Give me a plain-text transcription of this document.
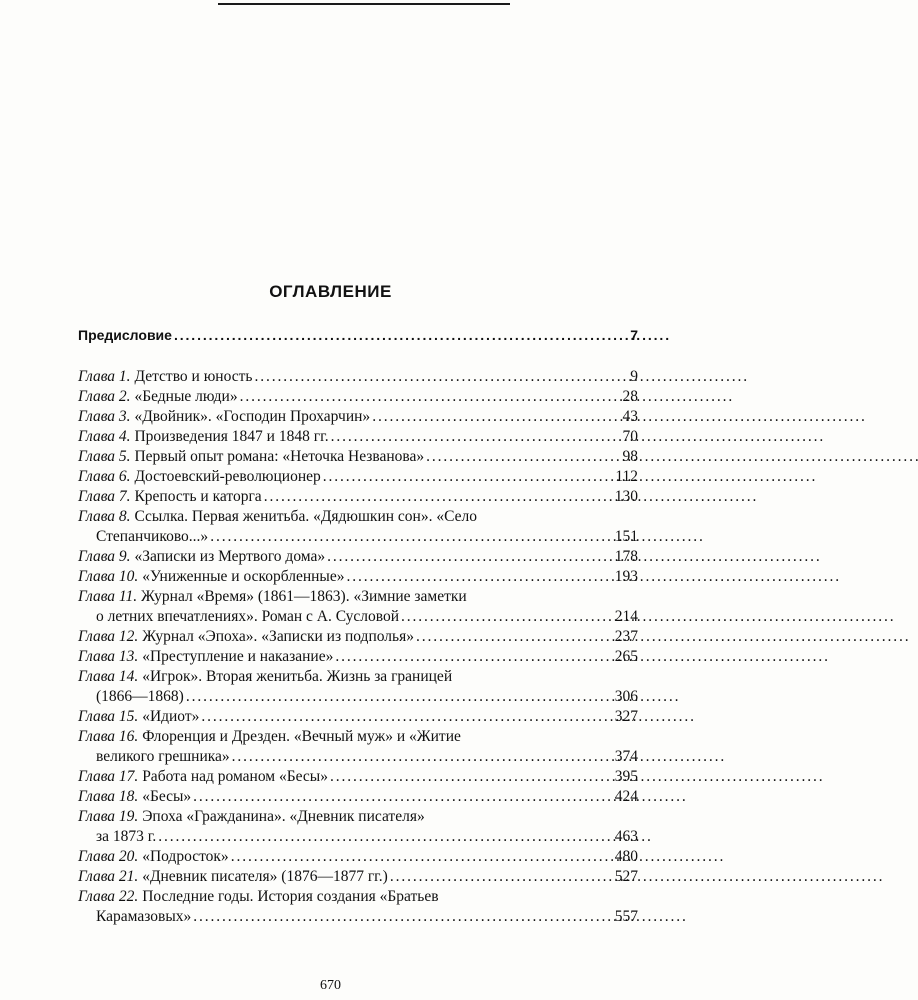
ОГЛАВЛЕНИЕ
Предисловие . . .	7
Глава 1. Детство и юность . . .	9
Глава 2. «Бедные люди» . . .	28
Глава 3. «Двойник». «Господин Прохарчин» . . .	43
Глава 4. Произведения 1847 и 1848 гг. . . .	70
Глава 5. Первый опыт романа: «Неточка Незванова» . . .	98
Глава 6. Достоевский-революционер . . .	112
Глава 7. Крепость и каторга . . .	130
Глава 8. Ссылка. Первая женитьба. «Дядюшкин сон». «Село
Степанчиково...» . . .	151
Глава 9. «Записки из Мертвого дома» . . .	178
Глава 10. «Униженные и оскорбленные» . . .	193
Глава 11. Журнал «Время» (1861—1863). «Зимние заметки
о летних впечатлениях». Роман с А. Сусловой . . .	214
Глава 12. Журнал «Эпоха». «Записки из подполья» . . .	237
Глава 13. «Преступление и наказание» . . .	265
Глава 14. «Игрок». Вторая женитьба. Жизнь за границей
(1866—1868) . . .	306
Глава 15. «Идиот» . . .	327
Глава 16. Флоренция и Дрезден. «Вечный муж» и «Житие
великого грешника» . . .	374
Глава 17. Работа над романом «Бесы» . . .	395
Глава 18. «Бесы» . . .	424
Глава 19. Эпоха «Гражданина». «Дневник писателя»
за 1873 г. . . .	463
Глава 20. «Подросток» . . .	480
Глава 21. «Дневник писателя» (1876—1877 гг.) . . .	527
Глава 22. Последние годы. История создания «Братьев
Карамазовых» . . .	557
670
